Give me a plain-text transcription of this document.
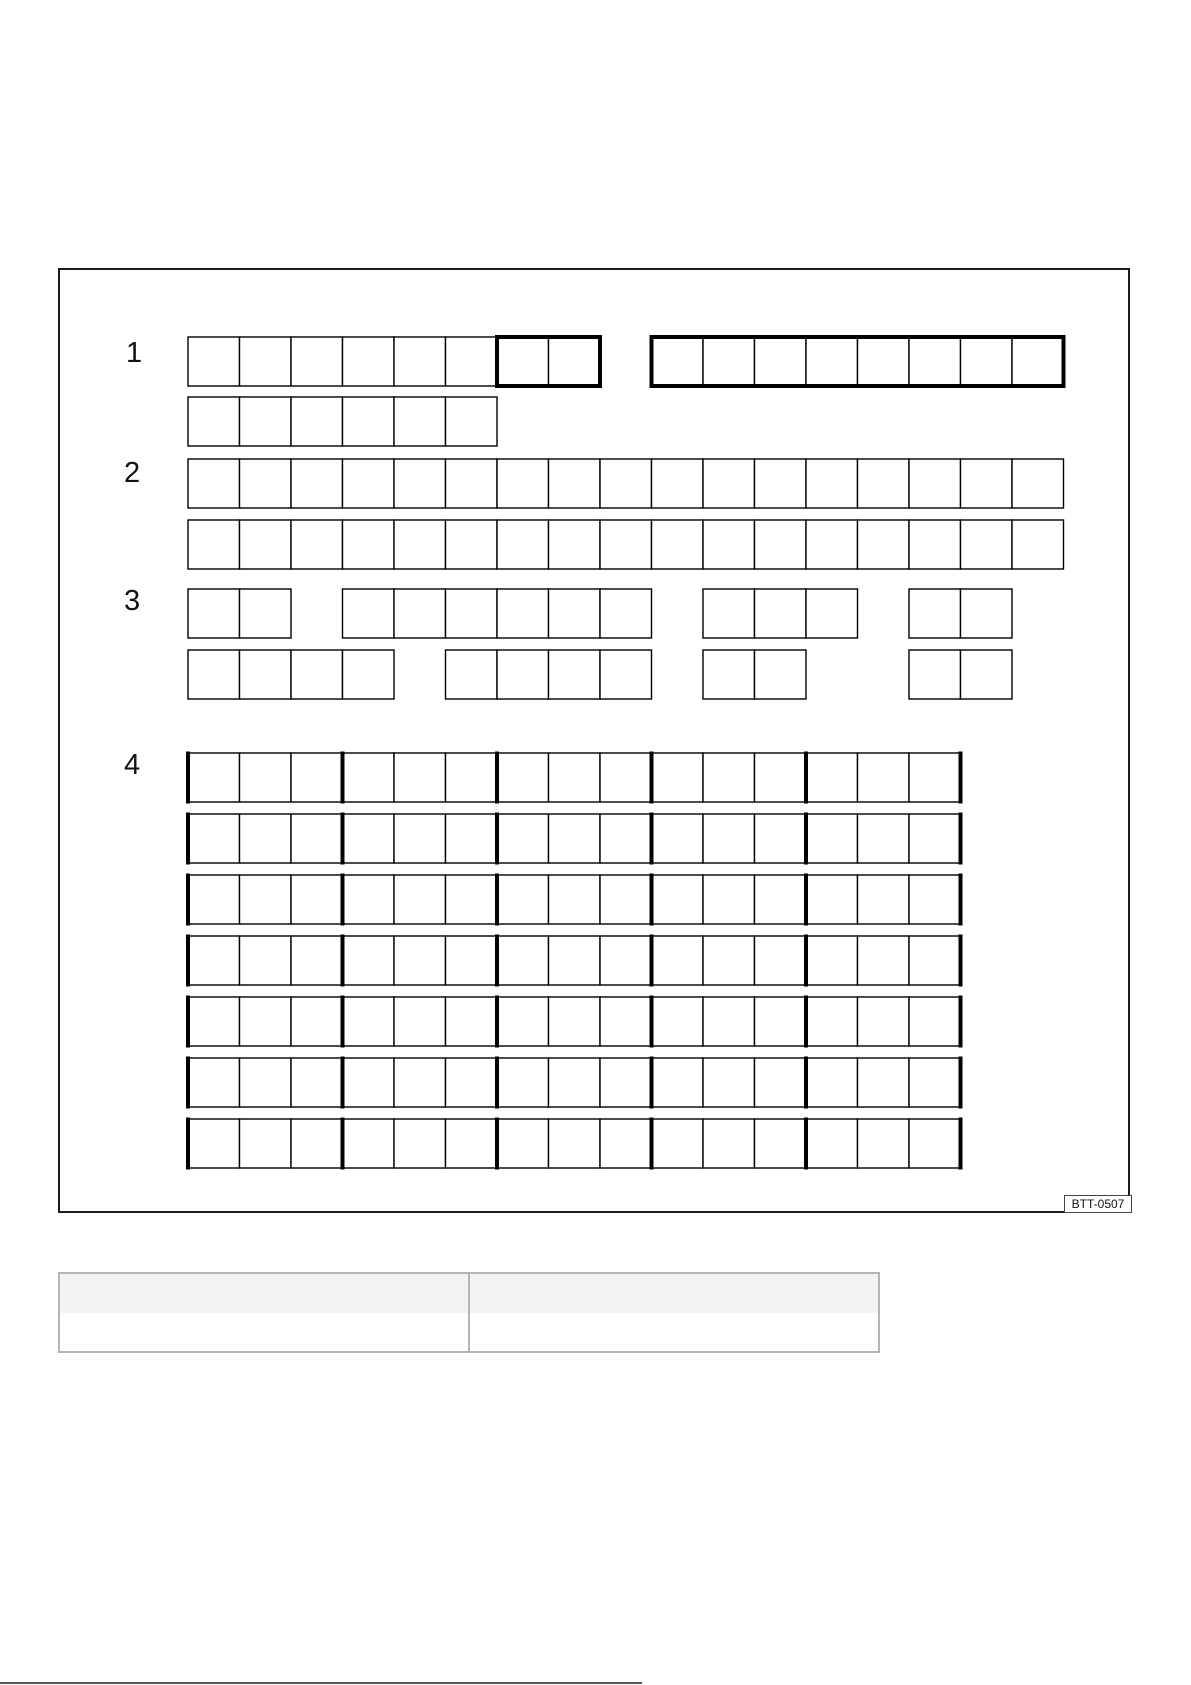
1
2
3
4
BTT-0507
